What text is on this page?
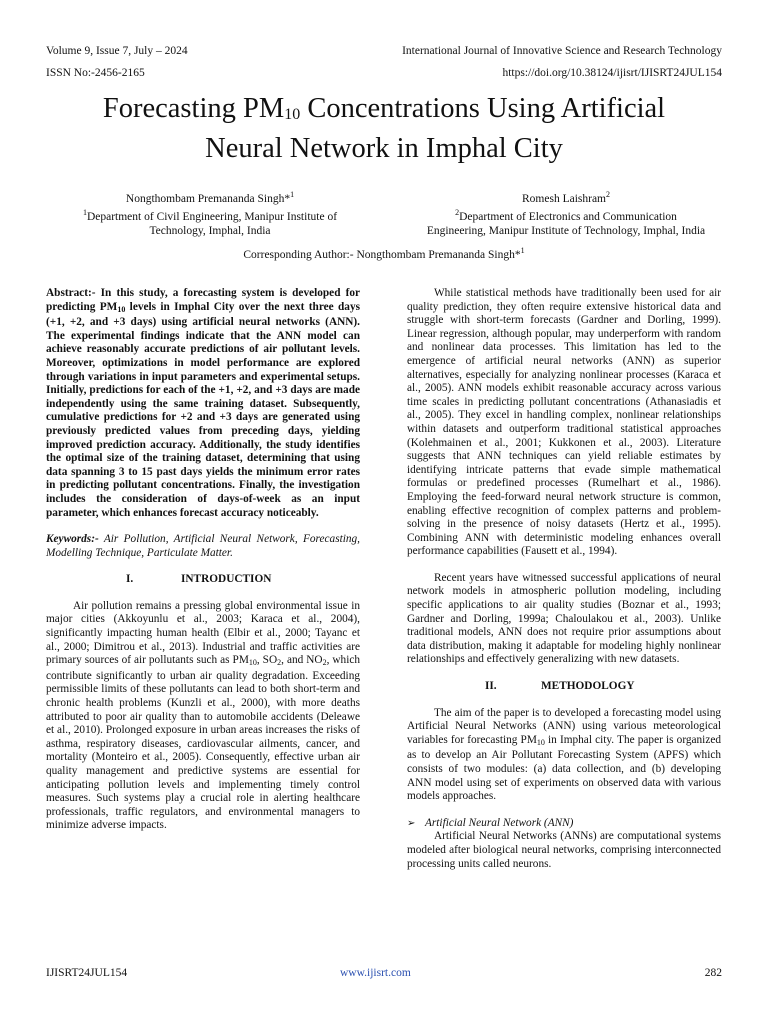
Volume 9, Issue 7, July – 2024	International Journal of Innovative Science and Research Technology
ISSN No:-2456-2165	https://doi.org/10.38124/ijisrt/IJISRT24JUL154
Forecasting $PM_{10}$ Concentrations Using Artificial
Neural Network in Imphal City
Nongthombam Premananda Singh*$^1$
$^1$Department of Civil Engineering, Manipur Institute of
Technology, Imphal, India
Romesh Laishram$^2$
$^2$Department of Electronics and Communication
Engineering, Manipur Institute of Technology, Imphal, India
Corresponding Author:- Nongthombam Premananda Singh*$^1$

Abstract:- In this study, a forecasting system is developed for predicting $PM_{10}$ levels in Imphal City over the next three days (+1, +2, and +3 days) using artificial neural networks (ANN). The experimental findings indicate that the ANN model can achieve reasonably accurate predictions of air pollutant levels. Moreover, optimizations in model performance are explored through variations in input parameters and experimental setups. Initially, predictions for each of the +1, +2, and +3 days are made independently using the same training dataset. Subsequently, cumulative predictions for +2 and +3 days are generated using previously predicted values from preceding days, yielding improved prediction accuracy. Additionally, the study identifies the optimal size of the training dataset, determining that using data spanning 3 to 15 past days yields the minimum error rates in predicting pollutant concentrations. Finally, the investigation includes the consideration of days-of-week as an input parameter, which enhances forecast accuracy noticeably.

Keywords:- Air Pollution, Artificial Neural Network, Forecasting, Modelling Technique, Particulate Matter.

I.	INTRODUCTION

Air pollution remains a pressing global environmental issue in major cities (Akkoyunlu et al., 2003; Karaca et al., 2004), significantly impacting human health (Elbir et al., 2000; Tayanc et al., 2000; Dimitrou et al., 2013). Industrial and traffic activities are primary sources of air pollutants such as $PM_{10}$, $SO_2$, and $NO_2$, which contribute significantly to urban air quality degradation. Exceeding permissible limits of these pollutants can lead to both short-term and chronic health problems (Kunzli et al., 2000), with more deaths attributed to poor air quality than to automobile accidents (Deleawe et al., 2010). Prolonged exposure in urban areas increases the risks of asthma, respiratory diseases, cardiovascular ailments, cancer, and mortality (Monteiro et al., 2005). Consequently, effective urban air quality management and predictive systems are essential for anticipating pollution levels and implementing timely control measures. Such systems play a crucial role in alerting healthcare professionals, traffic regulators, and environmental managers to minimize adverse impacts.

While statistical methods have traditionally been used for air quality prediction, they often require extensive historical data and struggle with short-term forecasts (Gardner and Dorling, 1999). Linear regression, although popular, may underperform with random and nonlinear data processes. This limitation has led to the emergence of artificial neural networks (ANN) as superior alternatives, especially for analyzing nonlinear processes (Karaca et al., 2005). ANN models exhibit reasonable accuracy across various time scales in predicting pollutant concentrations (Athanasiadis et al., 2005). They excel in handling complex, nonlinear relationships within datasets and outperform traditional statistical approaches (Kolehmainen et al., 2001; Kukkonen et al., 2003). Literature suggests that ANN techniques can yield reliable estimates by identifying intricate patterns that evade simple mathematical formulas or predefined processes (Rumelhart et al., 1986). Employing the feed-forward neural network structure is common, enabling effective recognition of complex patterns and problem-solving in the presence of noisy datasets (Hertz et al., 1995). Combining ANN with deterministic modeling enhances overall performance capabilities (Fausett et al., 1994).

Recent years have witnessed successful applications of neural network models in atmospheric pollution modeling, including specific applications to air quality studies (Boznar et al., 1993; Gardner and Dorling, 1999a; Chaloulakou et al., 2003). Unlike traditional models, ANN does not require prior assumptions about data distribution, making it adaptable for modeling highly nonlinear relationships and effectively generalizing with new datasets.

II.	METHODOLOGY

The aim of the paper is to developed a forecasting model using Artificial Neural Networks (ANN) using various meteorological variables for forecasting $PM_{10}$ in Imphal city. The paper is organized as to develop an Air Pollutant Forecasting System (APFS) which consists of two modules: (a) data collection, and (b) developing ANN model using set of experiments on observed data with various models approaches.

➢ Artificial Neural Network (ANN)

Artificial Neural Networks (ANNs) are computational systems modeled after biological neural networks, comprising interconnected processing units called neurons.

IJISRT24JUL154	www.ijisrt.com	282
